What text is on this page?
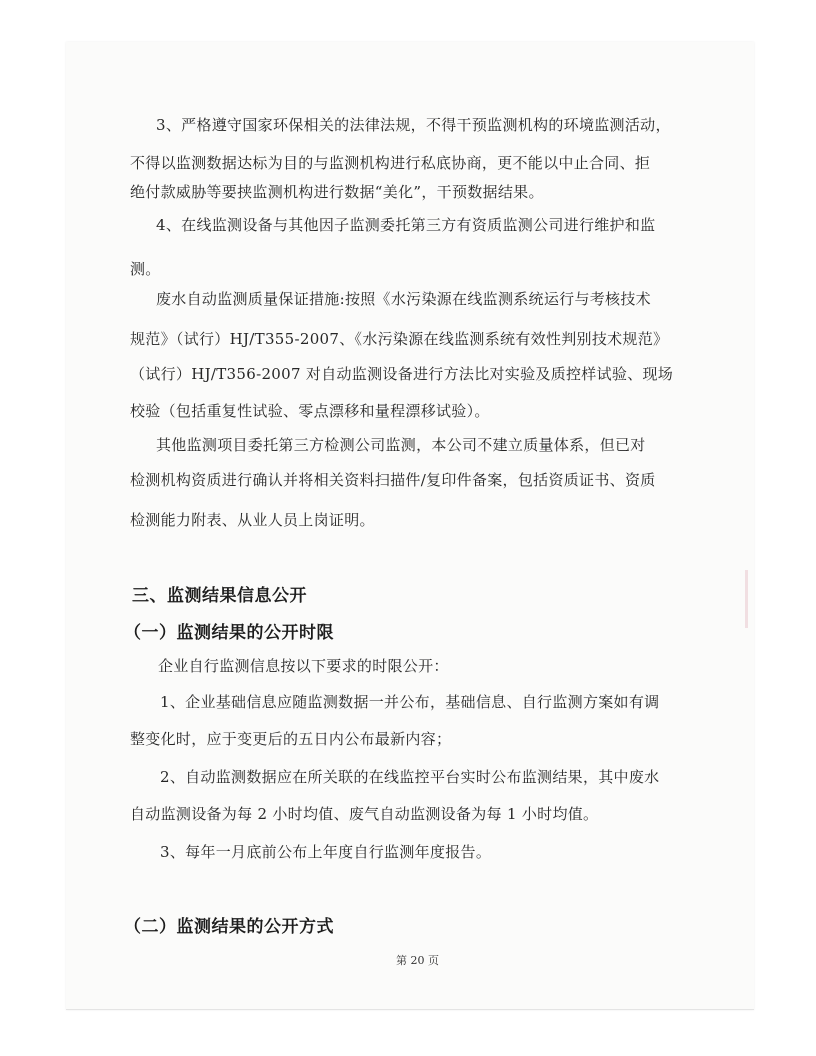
3、严格遵守国家环保相关的法律法规，不得干预监测机构的环境监测活动，
不得以监测数据达标为目的与监测机构进行私底协商，更不能以中止合同、拒
绝付款威胁等要挟监测机构进行数据“美化”，干预数据结果。
4、在线监测设备与其他因子监测委托第三方有资质监测公司进行维护和监
测。
废水自动监测质量保证措施:按照《水污染源在线监测系统运行与考核技术
规范》（试行）HJ/T355-2007、《水污染源在线监测系统有效性判别技术规范》
（试行）HJ/T356-2007 对自动监测设备进行方法比对实验及质控样试验、现场
校验（包括重复性试验、零点漂移和量程漂移试验）。
其他监测项目委托第三方检测公司监测，本公司不建立质量体系，但已对
检测机构资质进行确认并将相关资料扫描件/复印件备案，包括资质证书、资质
检测能力附表、从业人员上岗证明。
三、监测结果信息公开
（一）监测结果的公开时限
企业自行监测信息按以下要求的时限公开：
1、企业基础信息应随监测数据一并公布，基础信息、自行监测方案如有调
整变化时，应于变更后的五日内公布最新内容；
2、自动监测数据应在所关联的在线监控平台实时公布监测结果，其中废水
自动监测设备为每 2 小时均值、废气自动监测设备为每 1 小时均值。
3、每年一月底前公布上年度自行监测年度报告。
（二）监测结果的公开方式
第 20 页
